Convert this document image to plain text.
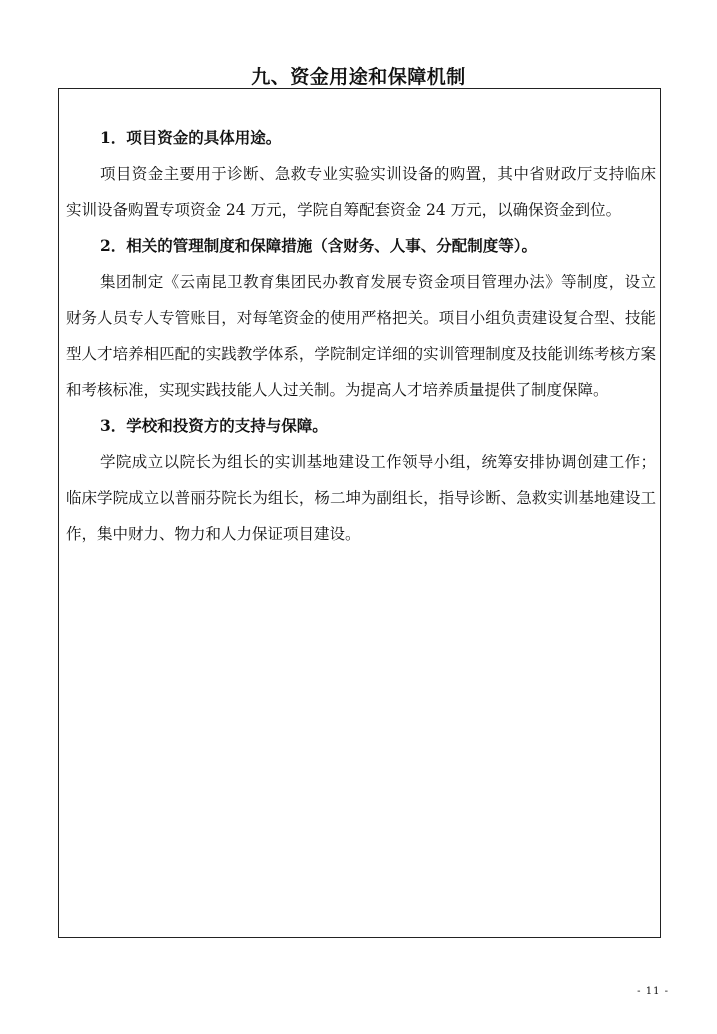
九、资金用途和保障机制
1．项目资金的具体用途。

项目资金主要用于诊断、急救专业实验实训设备的购置，其中省财政厅支持临床实训设备购置专项资金 24 万元，学院自筹配套资金 24 万元，以确保资金到位。

2．相关的管理制度和保障措施（含财务、人事、分配制度等）。

集团制定《云南昆卫教育集团民办教育发展专资金项目管理办法》等制度，设立财务人员专人专管账目，对每笔资金的使用严格把关。项目小组负责建设复合型、技能型人才培养相匹配的实践教学体系，学院制定详细的实训管理制度及技能训练考核方案和考核标准，实现实践技能人人过关制。为提高人才培养质量提供了制度保障。

3．学校和投资方的支持与保障。

学院成立以院长为组长的实训基地建设工作领导小组，统筹安排协调创建工作；临床学院成立以普丽芬院长为组长，杨二坤为副组长，指导诊断、急救实训基地建设工作，集中财力、物力和人力保证项目建设。

- 11 -
